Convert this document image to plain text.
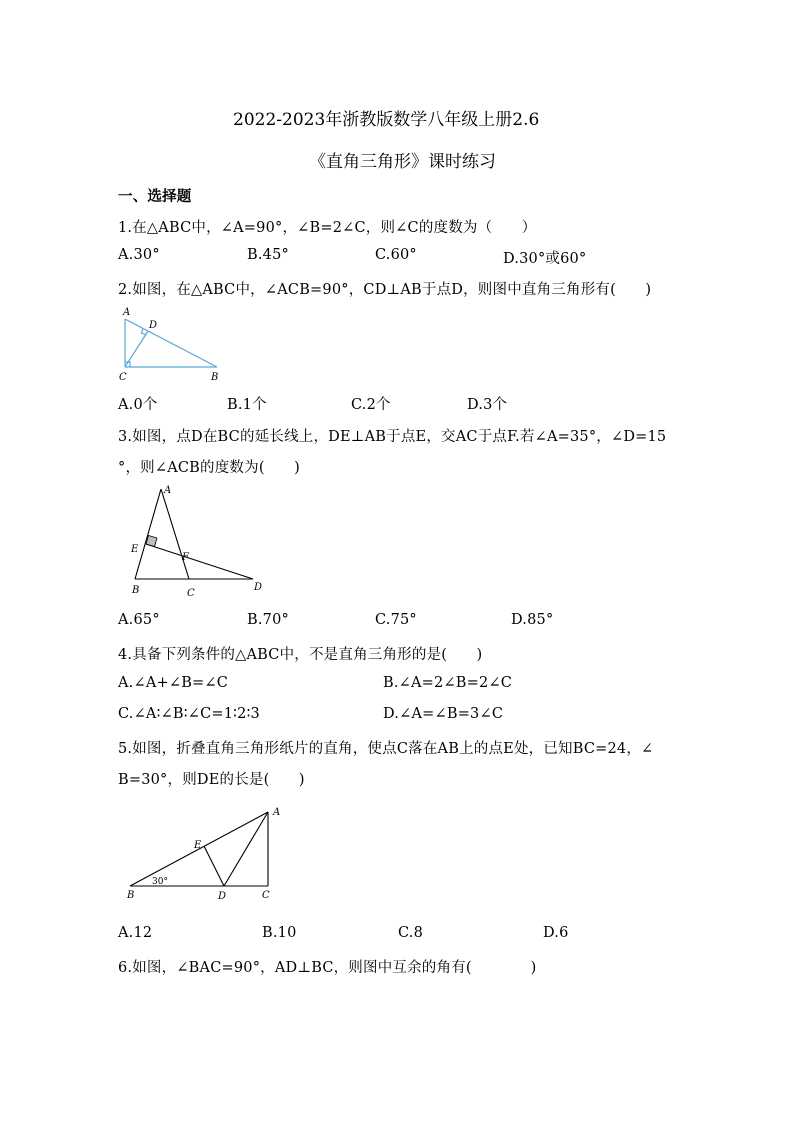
2022-2023年浙教版数学八年级上册2.6
《直角三角形》课时练习
一、选择题
1.在△ABC中，∠A=90°，∠B=2∠C，则∠C的度数为（　　）
A.30°	B.45°	C.60°	D.30°或60°
2.如图，在△ABC中，∠ACB=90°，CD⊥AB于点D，则图中直角三角形有(　　)
A
D
C	B
A.0个	B.1个	C.2个	D.3个
3.如图，点D在BC的延长线上，DE⊥AB于点E，交AC于点F.若∠A=35°，∠D=15
°，则∠ACB的度数为(　　)
A
E
F
B	C
D
A.65°	B.70°	C.75°	D.85°
4.具备下列条件的△ABC中，不是直角三角形的是(　　)
A.∠A+∠B=∠C	B.∠A=2∠B=2∠C
C.∠A∶∠B∶∠C=1∶2∶3	D.∠A=∠B=3∠C
5.如图，折叠直角三角形纸片的直角，使点C落在AB上的点E处，已知BC=24，∠
B=30°，则DE的长是(　　)
A
E
B
30°
D	C
A.12	B.10	C.8	D.6
6.如图，∠BAC=90°，AD⊥BC，则图中互余的角有(　　　　)
